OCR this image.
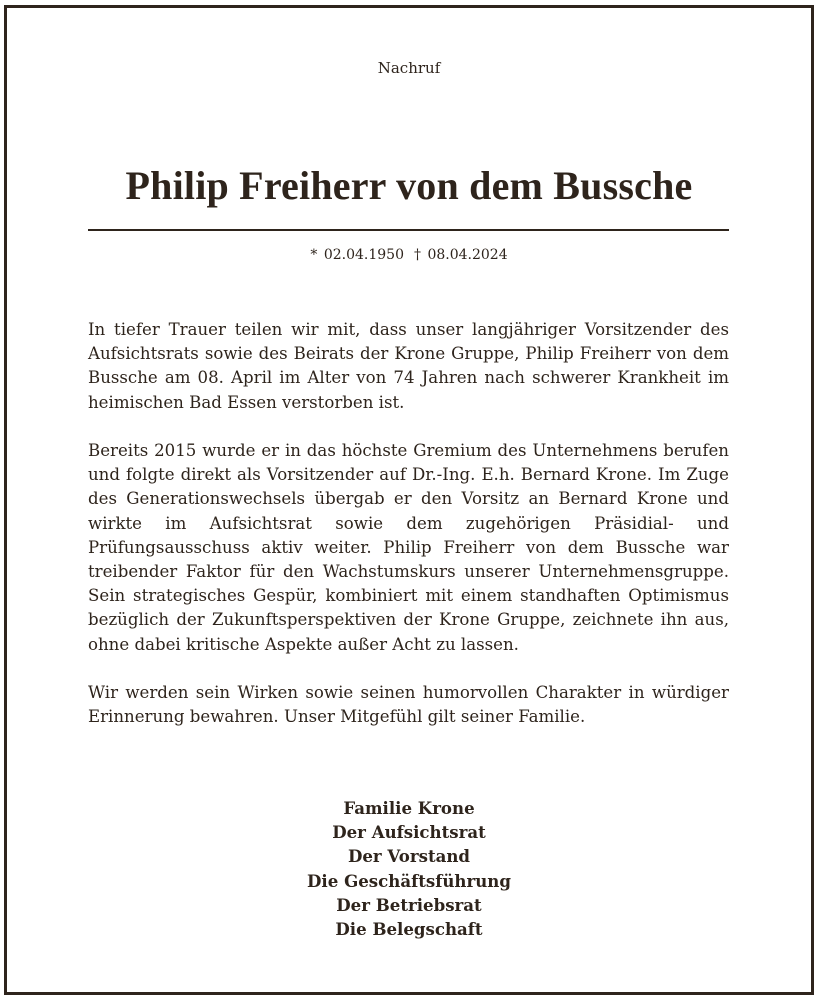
Nachruf
Philip Freiherr von dem Bussche
* 02.04.1950 † 08.04.2024

In tiefer Trauer teilen wir mit, dass unser langjähriger Vorsitzender des Aufsichtsrats sowie des Beirats der Krone Gruppe, Philip Freiherr von dem Bussche am 08. April im Alter von 74 Jahren nach schwerer Krankheit im heimischen Bad Essen verstorben ist.

Bereits 2015 wurde er in das höchste Gremium des Unternehmens berufen und folgte direkt als Vorsitzender auf Dr.-Ing. E.h. Bernard Krone. Im Zuge des Generationswechsels übergab er den Vorsitz an Bernard Krone und wirkte im Aufsichtsrat sowie dem zugehörigen Präsidial- und Prüfungsausschuss aktiv weiter. Philip Freiherr von dem Bussche war treibender Faktor für den Wachstumskurs unserer Unternehmensgruppe. Sein strategisches Gespür, kombiniert mit einem standhaften Optimismus bezüglich der Zukunftsperspektiven der Krone Gruppe, zeichnete ihn aus, ohne dabei kritische Aspekte außer Acht zu lassen.

Wir werden sein Wirken sowie seinen humorvollen Charakter in würdiger Erinnerung bewahren. Unser Mitgefühl gilt seiner Familie.

Familie Krone
Der Aufsichtsrat
Der Vorstand
Die Geschäftsführung
Der Betriebsrat
Die Belegschaft
